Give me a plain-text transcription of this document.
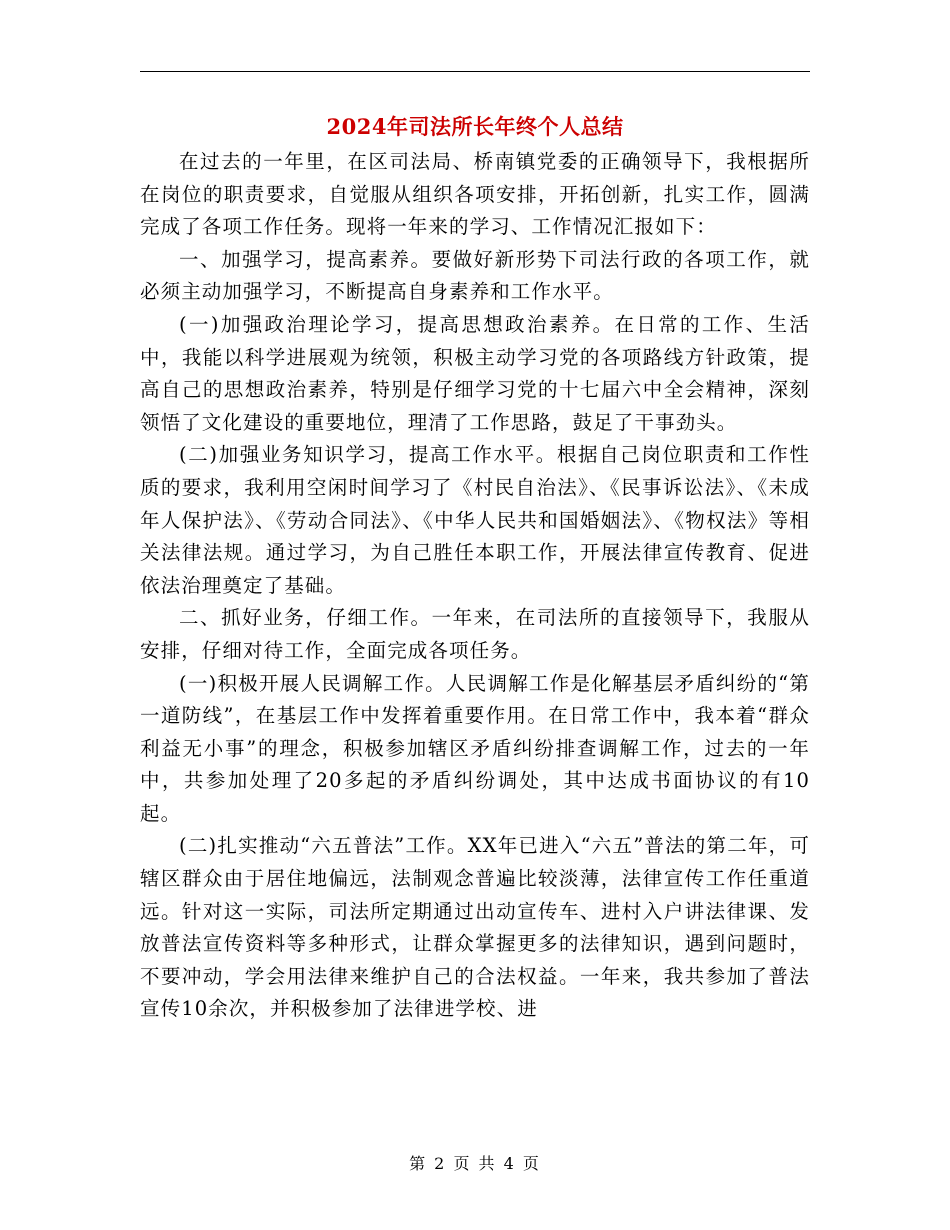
2024年司法所长年终个人总结

在过去的一年里，在区司法局、桥南镇党委的正确领导下，我根据所在岗位的职责要求，自觉服从组织各项安排，开拓创新，扎实工作，圆满完成了各项工作任务。现将一年来的学习、工作情况汇报如下：

一、加强学习，提高素养。要做好新形势下司法行政的各项工作，就必须主动加强学习，不断提高自身素养和工作水平。

(一)加强政治理论学习，提高思想政治素养。在日常的工作、生活中，我能以科学进展观为统领，积极主动学习党的各项路线方针政策，提高自己的思想政治素养，特别是仔细学习党的十七届六中全会精神，深刻领悟了文化建设的重要地位，理清了工作思路，鼓足了干事劲头。

(二)加强业务知识学习，提高工作水平。根据自己岗位职责和工作性质的要求，我利用空闲时间学习了《村民自治法》、《民事诉讼法》、《未成年人保护法》、《劳动合同法》、《中华人民共和国婚姻法》、《物权法》等相关法律法规。通过学习，为自己胜任本职工作，开展法律宣传教育、促进依法治理奠定了基础。

二、抓好业务，仔细工作。一年来，在司法所的直接领导下，我服从安排，仔细对待工作，全面完成各项任务。

(一)积极开展人民调解工作。人民调解工作是化解基层矛盾纠纷的“第一道防线”，在基层工作中发挥着重要作用。在日常工作中，我本着“群众利益无小事”的理念，积极参加辖区矛盾纠纷排查调解工作，过去的一年中，共参加处理了20多起的矛盾纠纷调处，其中达成书面协议的有10起。

(二)扎实推动“六五普法”工作。XX年已进入“六五”普法的第二年，可辖区群众由于居住地偏远，法制观念普遍比较淡薄，法律宣传工作任重道远。针对这一实际，司法所定期通过出动宣传车、进村入户讲法律课、发放普法宣传资料等多种形式，让群众掌握更多的法律知识，遇到问题时，不要冲动，学会用法律来维护自己的合法权益。一年来，我共参加了普法宣传10余次，并积极参加了法律进学校、进

第 2 页 共 4 页
